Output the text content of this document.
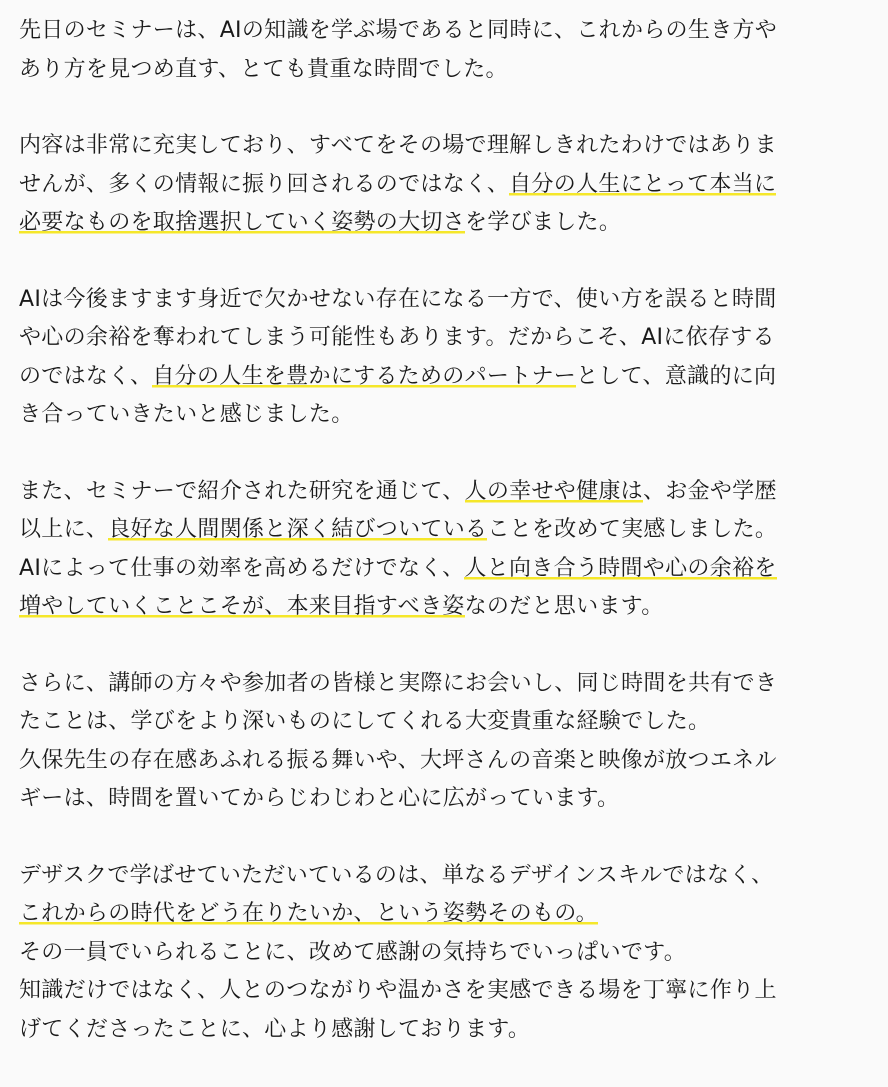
先日のセミナーは、AIの知識を学ぶ場であると同時に、これからの生き方や
あり方を見つめ直す、とても貴重な時間でした。
内容は非常に充実しており、すべてをその場で理解しきれたわけではありま
せんが、多くの情報に振り回されるのではなく、自分の人生にとって本当に
必要なものを取捨選択していく姿勢の大切さを学びました。
AIは今後ますます身近で欠かせない存在になる一方で、使い方を誤ると時間
や心の余裕を奪われてしまう可能性もあります。だからこそ、AIに依存する
のではなく、自分の人生を豊かにするためのパートナーとして、意識的に向
き合っていきたいと感じました。
また、セミナーで紹介された研究を通じて、人の幸せや健康は、お金や学歴
以上に、良好な人間関係と深く結びついていることを改めて実感しました。
AIによって仕事の効率を高めるだけでなく、人と向き合う時間や心の余裕を
増やしていくことこそが、本来目指すべき姿なのだと思います。
さらに、講師の方々や参加者の皆様と実際にお会いし、同じ時間を共有でき
たことは、学びをより深いものにしてくれる大変貴重な経験でした。
久保先生の存在感あふれる振る舞いや、大坪さんの音楽と映像が放つエネル
ギーは、時間を置いてからじわじわと心に広がっています。
デザスクで学ばせていただいているのは、単なるデザインスキルではなく、
これからの時代をどう在りたいか、という姿勢そのもの。
その一員でいられることに、改めて感謝の気持ちでいっぱいです。
知識だけではなく、人とのつながりや温かさを実感できる場を丁寧に作り上
げてくださったことに、心より感謝しております。
